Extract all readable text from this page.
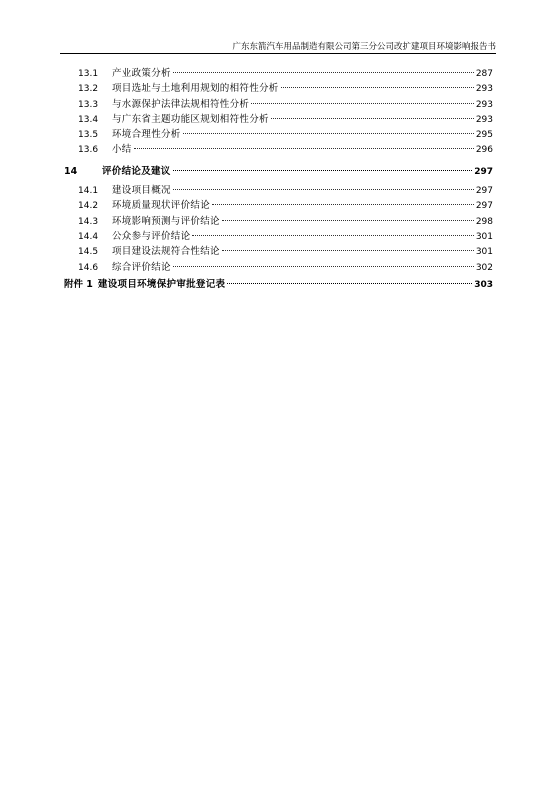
广东东箭汽车用品制造有限公司第三分公司改扩建项目环境影响报告书
13.1	产业政策分析	287
13.2	项目选址与土地利用规划的相符性分析	293
13.3	与水源保护法律法规相符性分析	293
13.4	与广东省主题功能区规划相符性分析	293
13.5	环境合理性分析	295
13.6	小结	296
14	评价结论及建议	297
14.1	建设项目概况	297
14.2	环境质量现状评价结论	297
14.3	环境影响预测与评价结论	298
14.4	公众参与评价结论	301
14.5	项目建设法规符合性结论	301
14.6	综合评价结论	302
附件 1 建设项目环境保护审批登记表	303
